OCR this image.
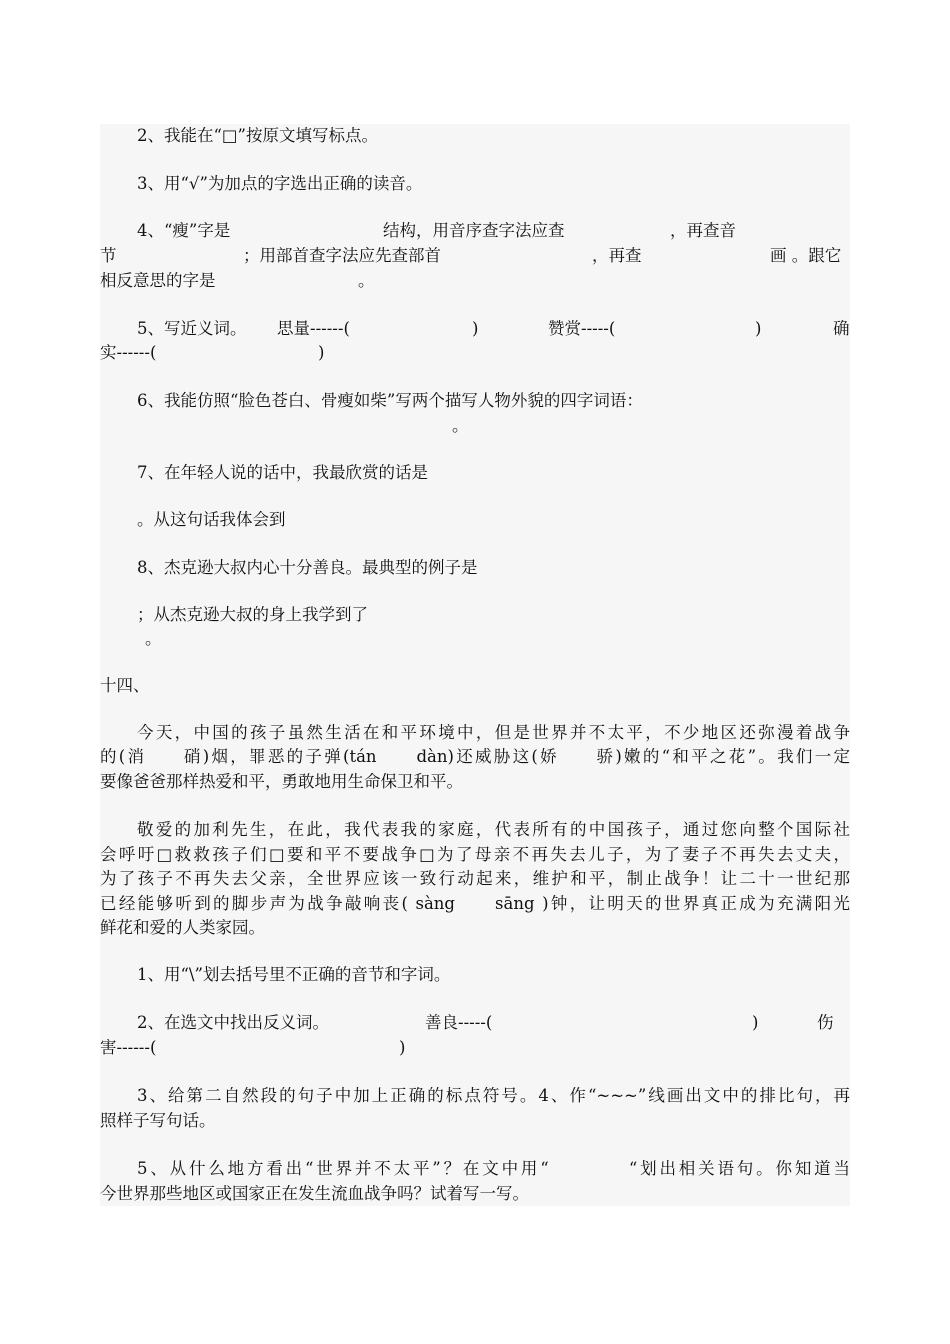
2、我能在“□”按原文填写标点。
3、用“√”为加点的字选出正确的读音。
4、“瘦”字是	结构，用音序查字法应查	，再查音
节	；用部首查字法应先查部首	，再查	画 。跟它
相反意思的字是	。
5、写近义词。 思量------(	)	赞赏-----(	)	确
实------(	)
6、我能仿照“脸色苍白、骨瘦如柴”写两个描写人物外貌的四字词语：
。
7、在年轻人说的话中，我最欣赏的话是
。从这句话我体会到
8、杰克逊大叔内心十分善良。最典型的例子是
；从杰克逊大叔的身上我学到了
。
十四、
今天，中国的孩子虽然生活在和平环境中，但是世界并不太平，不少地区还弥漫着战争
的(消　　硝)烟，罪恶的子弹(tán　　dàn)还威胁这(娇　　骄)嫩的“和平之花”。我们一定
要像爸爸那样热爱和平，勇敢地用生命保卫和平。
敬爱的加利先生，在此，我代表我的家庭，代表所有的中国孩子，通过您向整个国际社
会呼吁□救救孩子们□要和平不要战争□为了母亲不再失去儿子，为了妻子不再失去丈夫，
为了孩子不再失去父亲，全世界应该一致行动起来，维护和平，制止战争！让二十一世纪那
已经能够听到的脚步声为战争敲响丧( sàng　　sāng )钟，让明天的世界真正成为充满阳光
鲜花和爱的人类家园。
1、用“\”划去括号里不正确的音节和字词。
2、在选文中找出反义词。	善良-----(	)	伤
害------(	)
3、给第二自然段的句子中加上正确的标点符号。4、作“~~~”线画出文中的排比句，再
照样子写句话。
5、从什么地方看出“世界并不太平”？在文中用“　　　　“划出相关语句。你知道当
今世界那些地区或国家正在发生流血战争吗？试着写一写。
